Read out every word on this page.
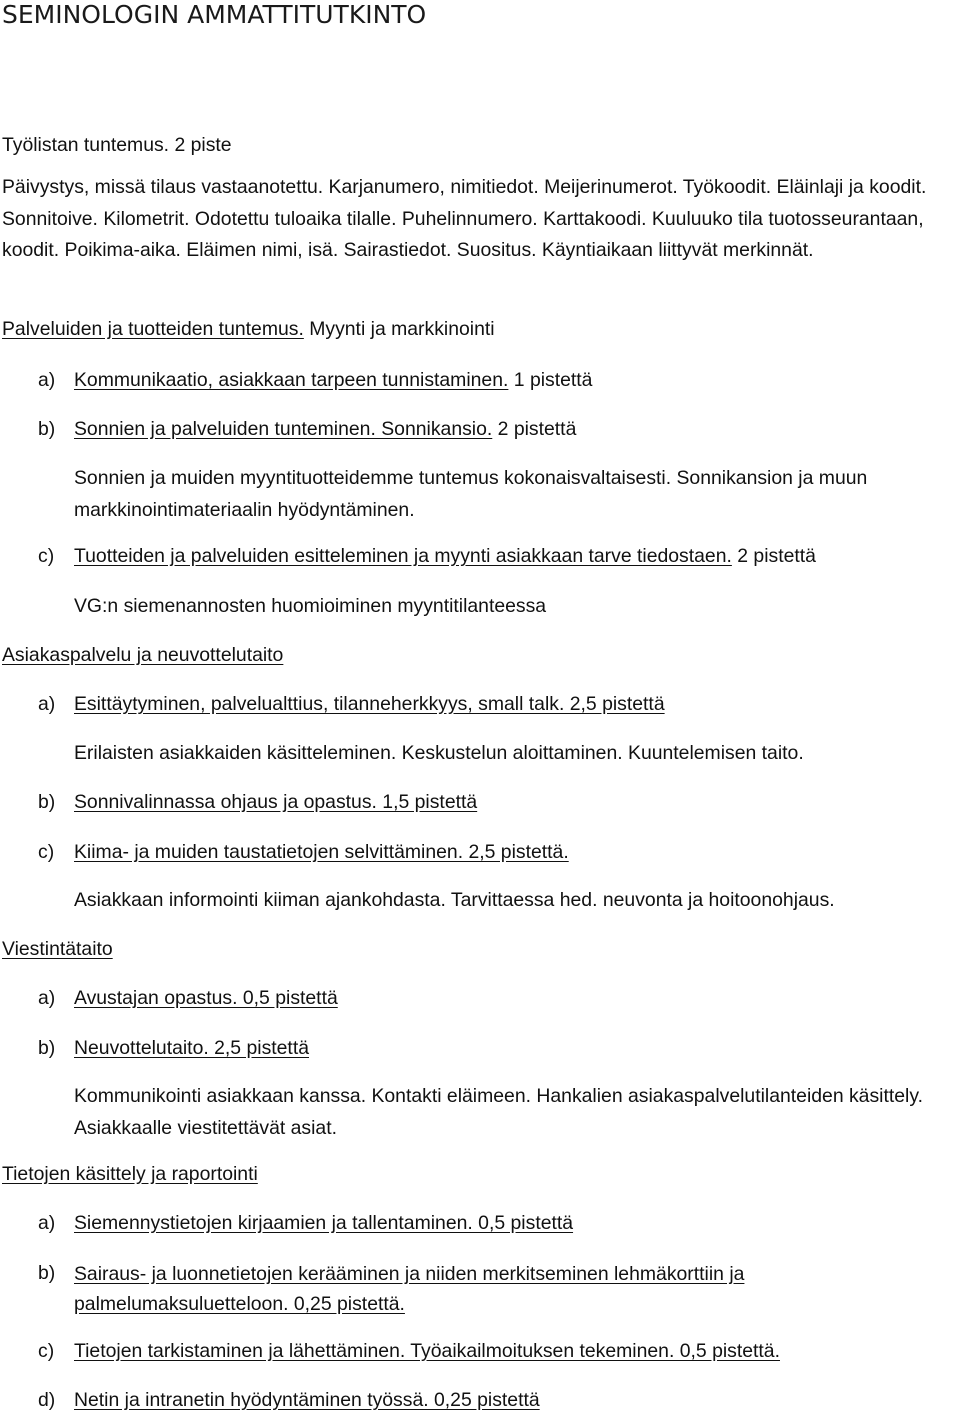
SEMINOLOGIN AMMATTITUTKINTO
Työlistan tuntemus. 2 piste
Päivystys, missä tilaus vastaanotettu. Karjanumero, nimitiedot. Meijerinumerot. Työkoodit. Eläinlaji ja koodit. Sonnitoive. Kilometrit. Odotettu tuloaika tilalle. Puhelinnumero. Karttakoodi. Kuuluuko tila tuotosseurantaan, koodit. Poikima-aika. Eläimen nimi, isä. Sairastiedot. Suositus. Käyntiaikaan liittyvät merkinnät.
Palveluiden ja tuotteiden tuntemus. Myynti ja markkinointi
a) Kommunikaatio, asiakkaan tarpeen tunnistaminen. 1 pistettä
b) Sonnien ja palveluiden tunteminen. Sonnikansio. 2 pistettä
Sonnien ja muiden myyntituotteidemme tuntemus kokonaisvaltaisesti. Sonnikansion ja muun markkinointimateriaalin hyödyntäminen.
c) Tuotteiden ja palveluiden esitteleminen ja myynti asiakkaan tarve tiedostaen. 2 pistettä
VG:n siemenannosten huomioiminen myyntitilanteessa
Asiakaspalvelu ja neuvottelutaito
a) Esittäytyminen, palvelualttius, tilanneherkkyys, small talk. 2,5 pistettä
Erilaisten asiakkaiden käsitteleminen. Keskustelun aloittaminen. Kuuntelemisen taito.
b) Sonnivalinnassa ohjaus ja opastus. 1,5 pistettä
c) Kiima- ja muiden taustatietojen selvittäminen. 2,5 pistettä.
Asiakkaan informointi kiiman ajankohdasta. Tarvittaessa hed. neuvonta ja hoitoonohjaus.
Viestintätaito
a) Avustajan opastus. 0,5 pistettä
b) Neuvottelutaito. 2,5 pistettä
Kommunikointi asiakkaan kanssa. Kontakti eläimeen. Hankalien asiakaspalvelutilanteiden käsittely. Asiakkaalle viestitettävät asiat.
Tietojen käsittely ja raportointi
a) Siemennystietojen kirjaamien ja tallentaminen. 0,5 pistettä
b) Sairaus- ja luonnetietojen kerääminen ja niiden merkitseminen lehmäkorttiin ja palmelumaksuluetteloon. 0,25 pistettä.
c) Tietojen tarkistaminen ja lähettäminen. Työaikailmoituksen tekeminen. 0,5 pistettä.
d) Netin ja intranetin hyödyntäminen työssä. 0,25 pistettä
